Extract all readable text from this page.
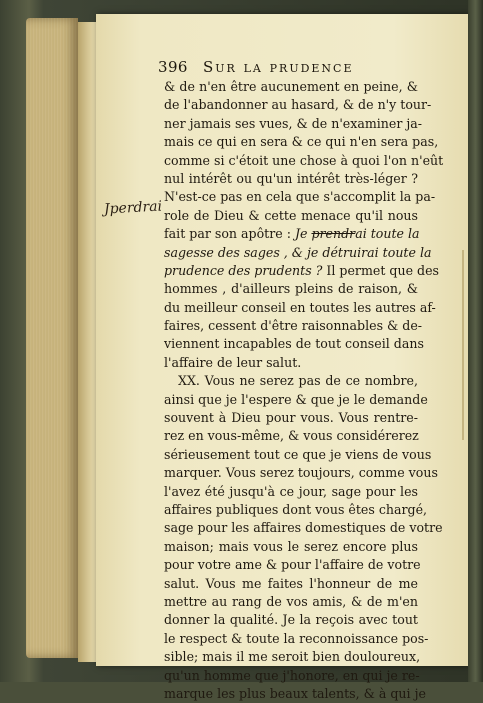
396 Sur la prudence
Jperdrai
& de n'en être aucunement en peine, &
de l'abandonner au hasard, & de n'y tour-
ner jamais ses vues, & de n'examiner ja-
mais ce qui en sera & ce qui n'en sera pas,
comme si c'étoit une chose à quoi l'on n'eût
nul intérêt ou qu'un intérêt très-léger ?
N'est-ce pas en cela que s'accomplit la pa-
role de Dieu & cette menace qu'il nous
fait par son apôtre : Je prendrai toute la
sagesse des sages , & je détruirai toute la
prudence des prudents ? Il permet que des
hommes , d'ailleurs pleins de raison, &
du meilleur conseil en toutes les autres af-
faires, cessent d'être raisonnables & de-
viennent incapables de tout conseil dans
l'affaire de leur salut.
XX. Vous ne serez pas de ce nombre,
ainsi que je l'espere & que je le demande
souvent à Dieu pour vous. Vous rentre-
rez en vous-même, & vous considérerez
sérieusement tout ce que je viens de vous
marquer. Vous serez toujours, comme vous
l'avez été jusqu'à ce jour, sage pour les
affaires publiques dont vous êtes chargé,
sage pour les affaires domestiques de votre
maison; mais vous le serez encore plus
pour votre ame & pour l'affaire de votre
salut. Vous me faites l'honneur de me
mettre au rang de vos amis, & de m'en
donner la qualité. Je la reçois avec tout
le respect & toute la reconnoissance pos-
sible; mais il me seroit bien douloureux,
qu'un homme que j'honore, en qui je re-
marque les plus beaux talents, & à qui je
